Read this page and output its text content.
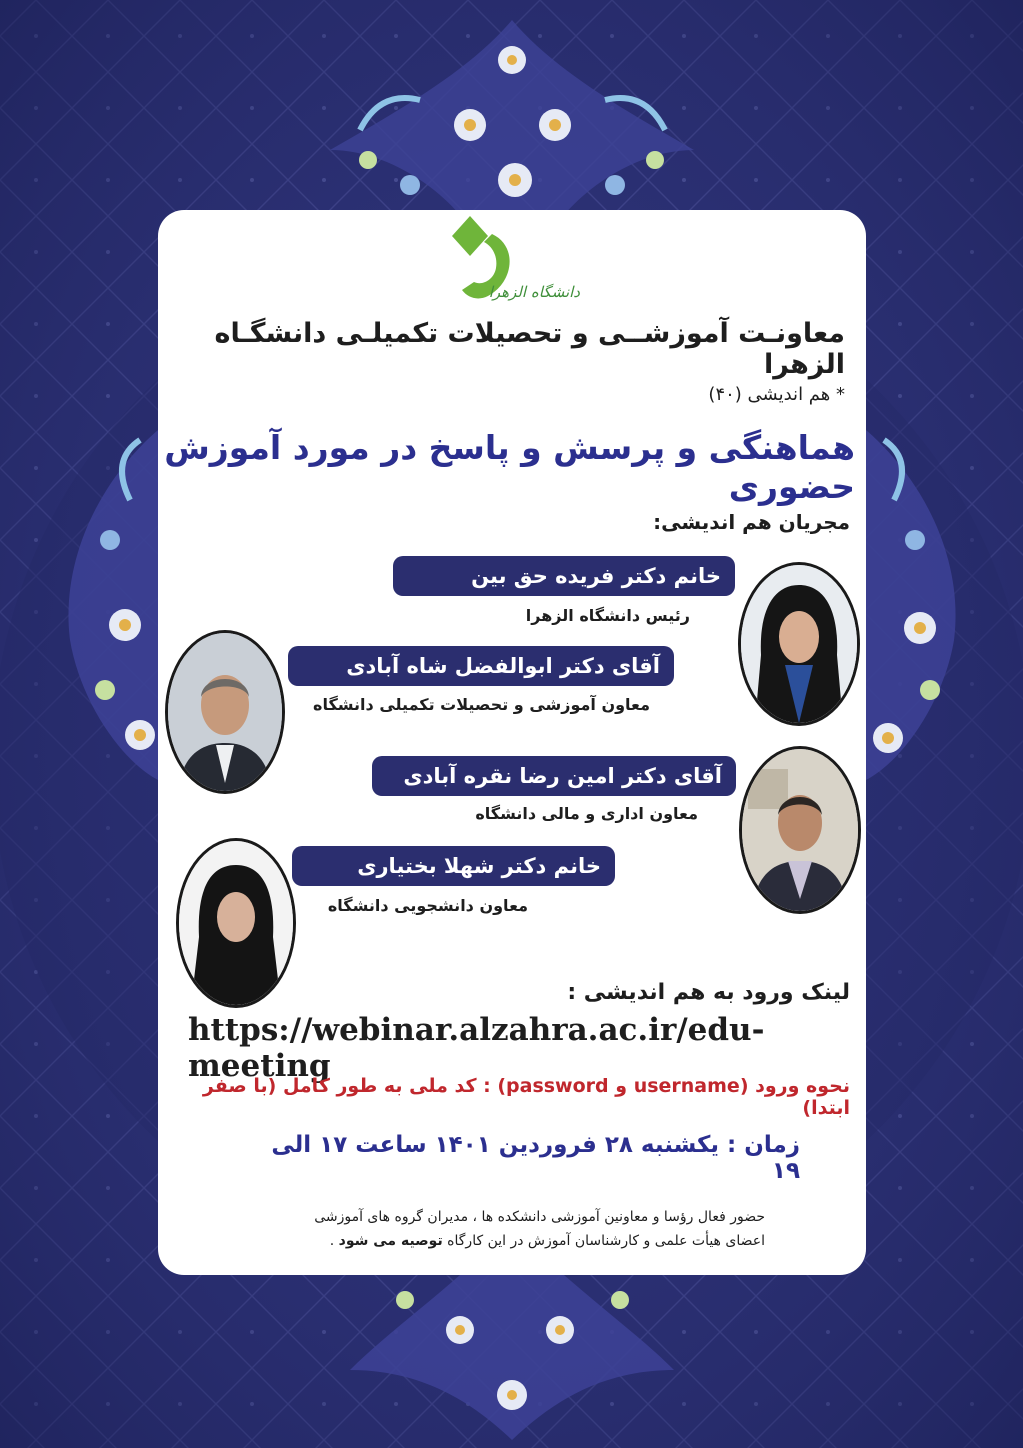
دانشگاه الزهرا
معاونـت آموزشــی و تحصیلات تکمیلـی دانشگـاه الزهرا
* هم اندیشی (۴۰)
هماهنگی و پرسش و پاسخ در مورد آموزش حضوری
مجریان هم اندیشی:
خانم دکتر فریده حق بین
رئیس دانشگاه الزهرا
آقای دکتر ابوالفضل شاه آبادی
معاون آموزشی و تحصیلات تکمیلی دانشگاه
آقای دکتر امین رضا نقره آبادی
معاون اداری و مالی دانشگاه
خانم دکتر شهلا بختیاری
معاون دانشجویی دانشگاه
لینک ورود به هم اندیشی :
https://webinar.alzahra.ac.ir/edu-meeting
نحوه ورود (username و password) : کد ملی به طور کامل (با صفر ابتدا)
زمان : یکشنبه ۲۸ فروردین ۱۴۰۱ ساعت ۱۷ الی ۱۹
حضور فعال رؤسا و معاونین آموزشی دانشکده ها ، مدیران گروه های آموزشی
اعضای هیأت علمی و کارشناسان آموزش در این کارگاه توصیه می شود .
